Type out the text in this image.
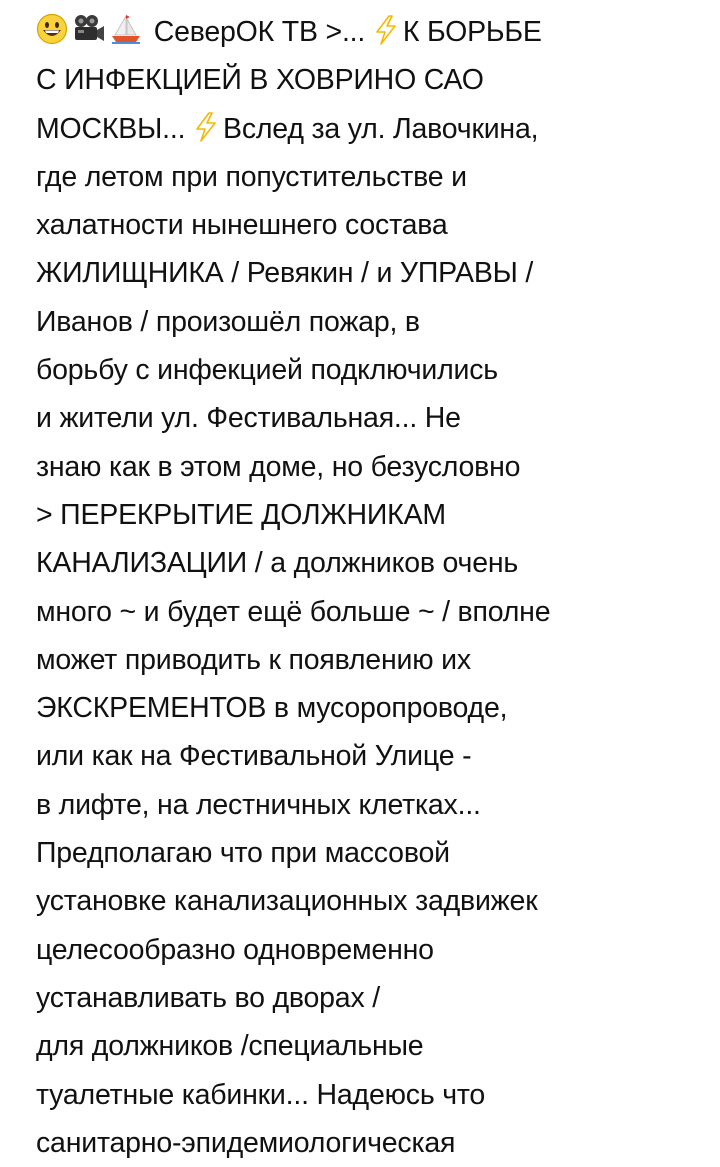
СеверОК ТВ >... К БОРЬБЕ
С ИНФЕКЦИЕЙ В ХОВРИНО САО
МОСКВЫ... Вслед за ул. Лавочкина,
где летом при попустительстве и
халатности нынешнего состава
ЖИЛИЩНИКА / Ревякин / и УПРАВЫ /
Иванов / произошёл пожар, в
борьбу с инфекцией подключились
и жители ул. Фестивальная... Не
знаю как в этом доме, но безусловно
> ПЕРЕКРЫТИЕ ДОЛЖНИКАМ
КАНАЛИЗАЦИИ / а должников очень
много ~ и будет ещё больше ~ / вполне
может приводить к появлению их
ЭКСКРЕМЕНТОВ в мусоропроводе,
или как на Фестивальной Улице -
в лифте, на лестничных клетках...
Предполагаю что при массовой
установке канализационных задвижек
целесообразно одновременно
устанавливать во дворах /
для должников /специальные
туалетные кабинки... Надеюсь что
санитарно-эпидемиологическая
